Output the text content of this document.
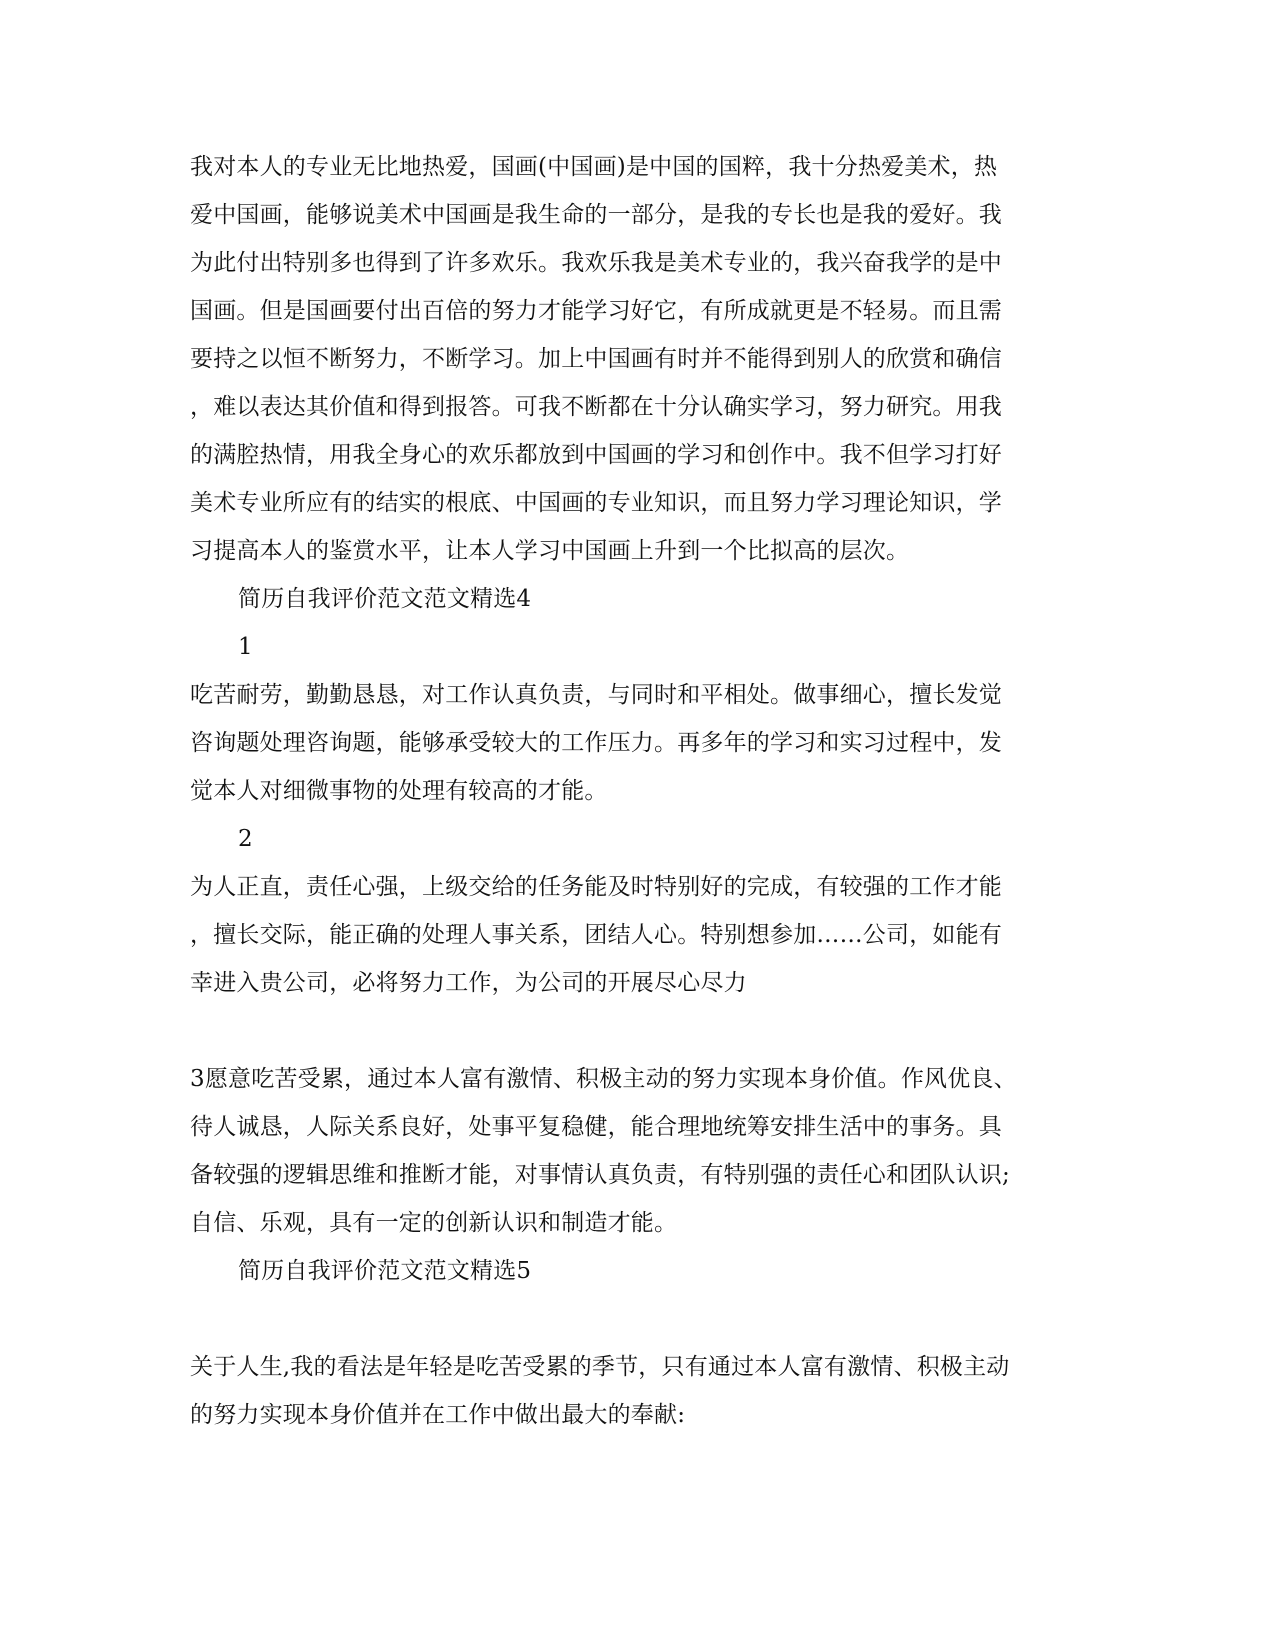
我对本人的专业无比地热爱，国画(中国画)是中国的国粹，我十分热爱美术，热
爱中国画，能够说美术中国画是我生命的一部分，是我的专长也是我的爱好。我
为此付出特别多也得到了许多欢乐。我欢乐我是美术专业的，我兴奋我学的是中
国画。但是国画要付出百倍的努力才能学习好它，有所成就更是不轻易。而且需
要持之以恒不断努力，不断学习。加上中国画有时并不能得到别人的欣赏和确信
，难以表达其价值和得到报答。可我不断都在十分认确实学习，努力研究。用我
的满腔热情，用我全身心的欢乐都放到中国画的学习和创作中。我不但学习打好
美术专业所应有的结实的根底、中国画的专业知识，而且努力学习理论知识，学
习提高本人的鉴赏水平，让本人学习中国画上升到一个比拟高的层次。
简历自我评价范文范文精选4
1
吃苦耐劳，勤勤恳恳，对工作认真负责，与同时和平相处。做事细心，擅长发觉
咨询题处理咨询题，能够承受较大的工作压力。再多年的学习和实习过程中，发
觉本人对细微事物的处理有较高的才能。
2
为人正直，责任心强，上级交给的任务能及时特别好的完成，有较强的工作才能
，擅长交际，能正确的处理人事关系，团结人心。特别想参加……公司，如能有
幸进入贵公司，必将努力工作，为公司的开展尽心尽力
3愿意吃苦受累，通过本人富有激情、积极主动的努力实现本身价值。作风优良、
待人诚恳，人际关系良好，处事平复稳健，能合理地统筹安排生活中的事务。具
备较强的逻辑思维和推断才能，对事情认真负责，有特别强的责任心和团队认识;
自信、乐观，具有一定的创新认识和制造才能。
简历自我评价范文范文精选5
关于人生,我的看法是年轻是吃苦受累的季节，只有通过本人富有激情、积极主动
的努力实现本身价值并在工作中做出最大的奉献:
